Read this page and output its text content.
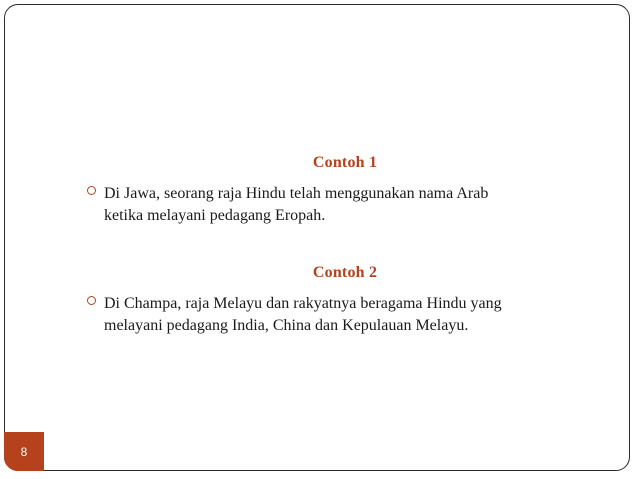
Contoh 1
Di Jawa, seorang raja Hindu telah menggunakan nama Arab
ketika melayani pedagang Eropah.
Contoh 2
Di Champa, raja Melayu dan rakyatnya beragama Hindu yang
melayani pedagang India, China dan Kepulauan Melayu.
8
